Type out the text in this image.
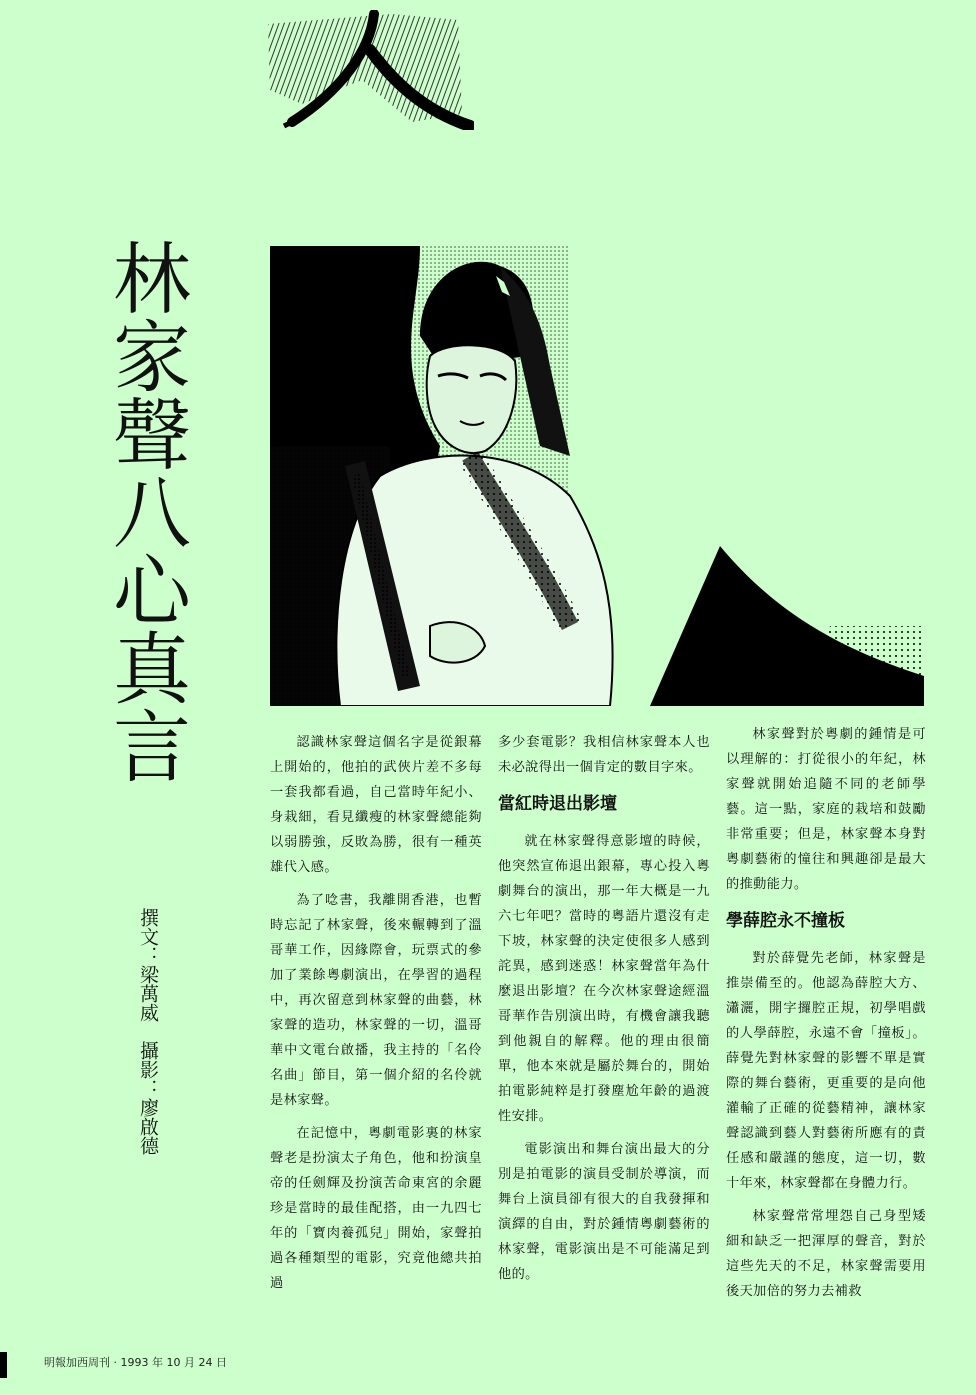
林家聲八心真言
撰文：梁萬威　攝影：廖啟德

認識林家聲這個名字是從銀幕上開始的，他拍的武俠片差不多每一套我都看過，自己當時年紀小、身栽細，看見纖瘦的林家聲總能夠以弱勝強，反敗為勝，很有一種英雄代入感。

為了唸書，我離開香港，也暫時忘記了林家聲，後來輾轉到了溫哥華工作，因緣際會，玩票式的參加了業餘粵劇演出，在學習的過程中，再次留意到林家聲的曲藝，林家聲的造功，林家聲的一切，溫哥華中文電台啟播，我主持的「名伶名曲」節目，第一個介紹的名伶就是林家聲。

在記憶中，粵劇電影裏的林家聲老是扮演太子角色，他和扮演皇帝的任劍輝及扮演苦命東宮的余麗珍是當時的最佳配搭，由一九四七年的「寶肉養孤兒」開始，家聲拍過各種類型的電影，究竟他總共拍過

多少套電影？我相信林家聲本人也未必說得出一個肯定的數目字來。

當紅時退出影壇

就在林家聲得意影壇的時候，他突然宣佈退出銀幕，專心投入粵劇舞台的演出，那一年大概是一九六七年吧？當時的粵語片還沒有走下坡，林家聲的決定使很多人感到詫異，感到迷惑！林家聲當年為什麼退出影壇？在今次林家聲途經溫哥華作告別演出時，有機會讓我聽到他親自的解釋。他的理由很簡單，他本來就是屬於舞台的，開始拍電影純粹是打發塵尬年齡的過渡性安排。

電影演出和舞台演出最大的分別是拍電影的演員受制於導演，而舞台上演員卻有很大的自我發揮和演繹的自由，對於鍾情粵劇藝術的林家聲，電影演出是不可能滿足到他的。

林家聲對於粵劇的鍾情是可以理解的：打從很小的年紀，林家聲就開始追隨不同的老師學藝。這一點，家庭的栽培和鼓勵非常重要；但是，林家聲本身對粵劇藝術的憧往和興趣卻是最大的推動能力。

學薛腔永不撞板

對於薛覺先老師，林家聲是推崇備至的。他認為薛腔大方、瀟灑，開字攞腔正規，初學唱戲的人學薛腔，永遠不會「撞板」。薛覺先對林家聲的影響不單是實際的舞台藝術，更重要的是向他灌輸了正確的從藝精神，讓林家聲認識到藝人對藝術所應有的責任感和嚴謹的態度，這一切，數十年來，林家聲都在身體力行。

林家聲常常埋怨自己身型矮細和缺乏一把渾厚的聲音，對於這些先天的不足，林家聲需要用後天加倍的努力去補救

明報加西周刊 · 1993 年 10 月 24 日
